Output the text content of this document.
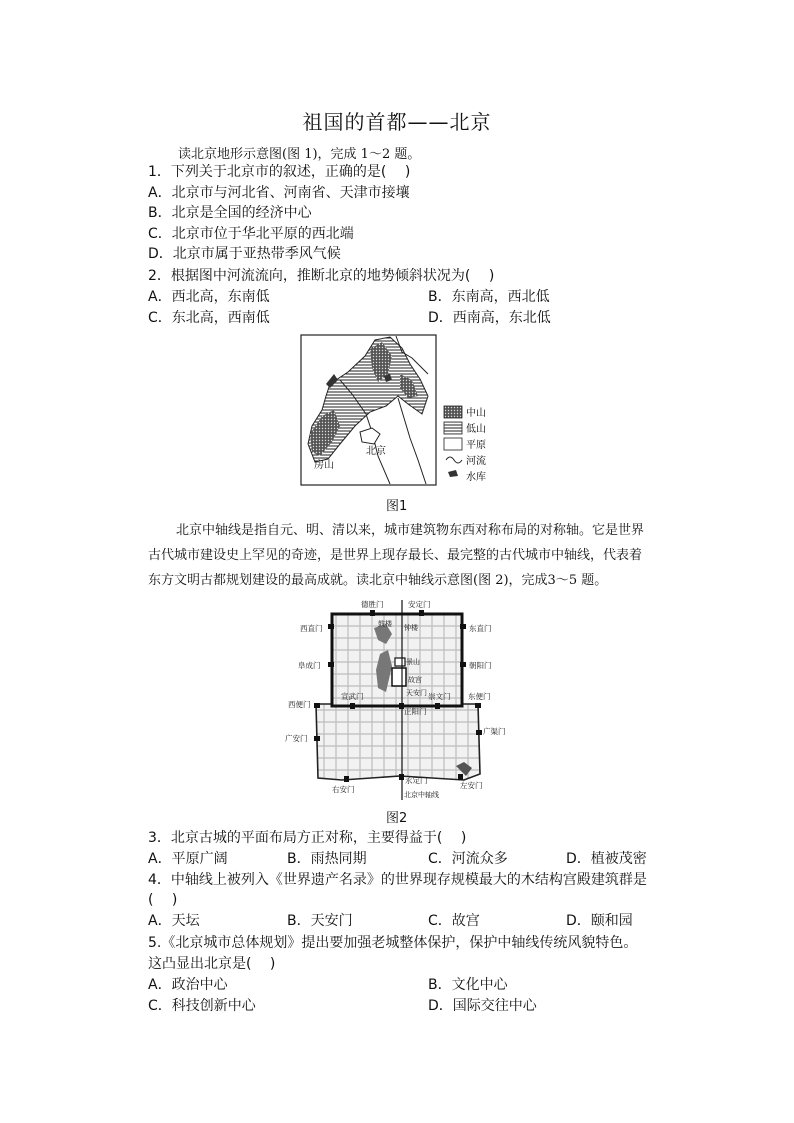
祖国的首都——北京
读北京地形示意图(图 1)，完成 1～2 题。
1．下列关于北京市的叙述，正确的是(　 )
A．北京市与河北省、河南省、天津市接壤
B．北京是全国的经济中心
C．北京市位于华北平原的西北端
D．北京市属于亚热带季风气候
2．根据图中河流流向，推断北京的地势倾斜状况为(　 )
A．西北高，东南低	B．东南高，西北低
C．东北高，西南低	D．西南高，东北低
北京
房山
中山
低山
平原
河流
水库
图1
北京中轴线是指自元、明、清以来，城市建筑物东西对称布局的对称轴。它是世界古代城市建设史上罕见的奇迹，是世界上现存最长、最完整的古代城市中轴线，代表着东方文明古都规划建设的最高成就。读北京中轴线示意图(图 2)，完成3～5 题。
德胜门	安定门
西直门	东直门
阜成门	朝阳门
西便门
宣武门
正阳门
崇文门 东便门
广安门
广渠门
右安门
永定门
左安门
钟楼
鼓楼
景山
故宫
天安门
北京中轴线
图2
3．北京古城的平面布局方正对称，主要得益于(　 )
A．平原广阔	B．雨热同期	C．河流众多	D．植被茂密
4．中轴线上被列入《世界遗产名录》的世界现存规模最大的木结构宫殿建筑群是
(　 )
A．天坛	B．天安门	C．故宫	D．颐和园
5.《北京城市总体规划》提出要加强老城整体保护，保护中轴线传统风貌特色。
这凸显出北京是(　 )
A．政治中心	B．文化中心
C．科技创新中心	D．国际交往中心
